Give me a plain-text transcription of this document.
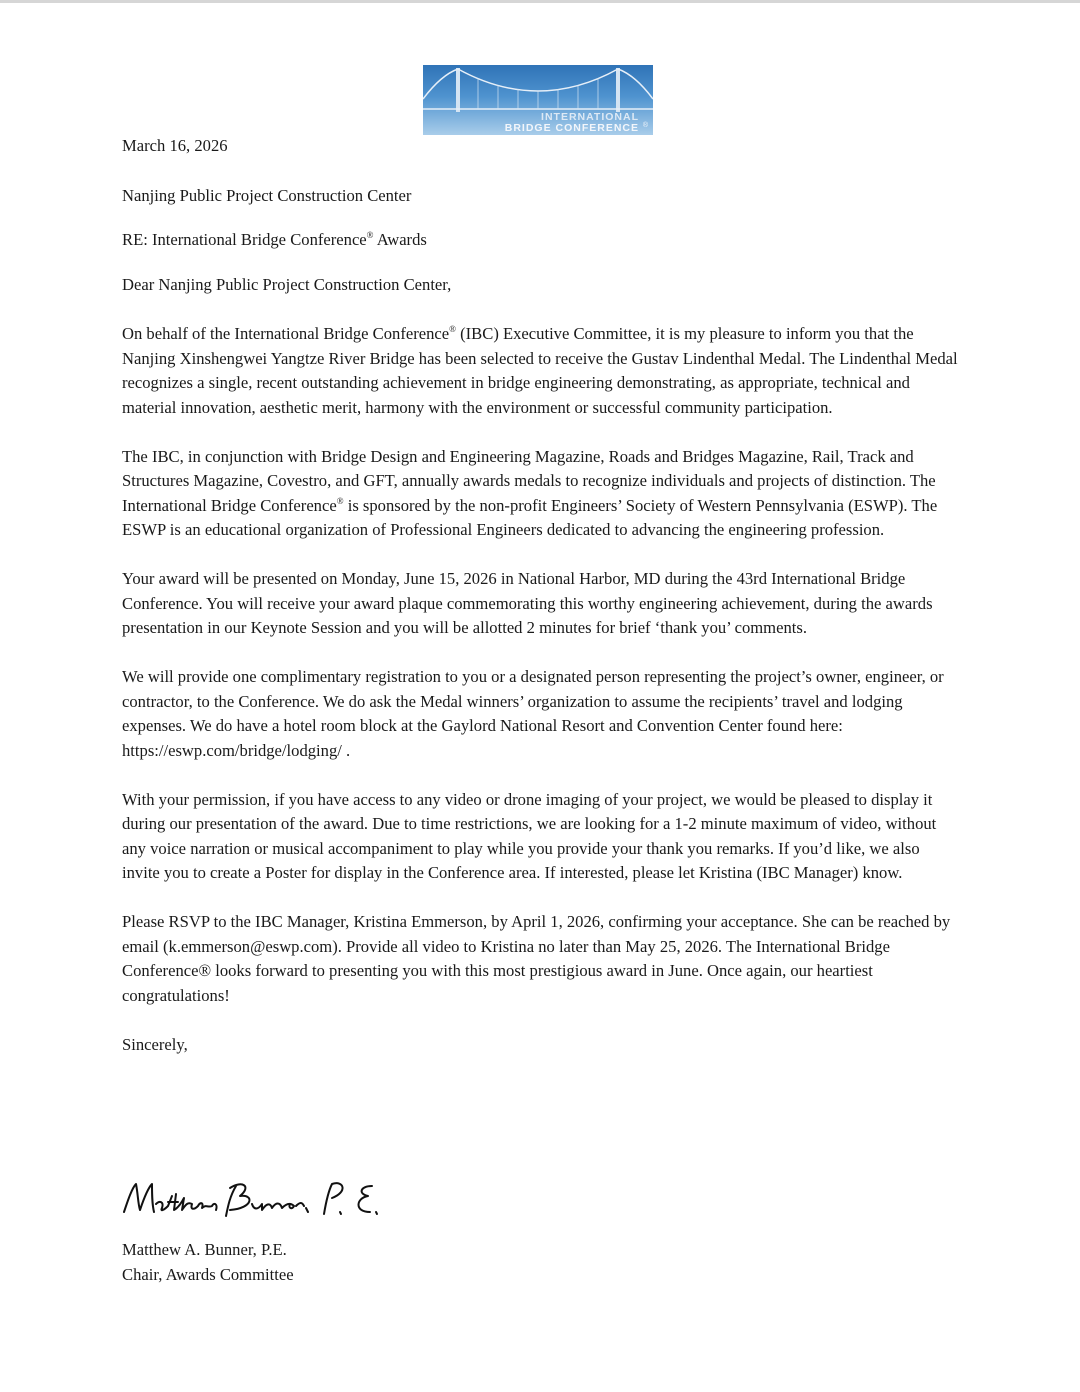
INTERNATIONAL
BRIDGE CONFERENCE ®

March 16, 2026

Nanjing Public Project Construction Center

RE: International Bridge Conference® Awards

Dear Nanjing Public Project Construction Center,

On behalf of the International Bridge Conference® (IBC) Executive Committee, it is my pleasure to inform you that the Nanjing Xinshengwei Yangtze River Bridge has been selected to receive the Gustav Lindenthal Medal. The Lindenthal Medal recognizes a single, recent outstanding achievement in bridge engineering demonstrating, as appropriate, technical and material innovation, aesthetic merit, harmony with the environment or successful community participation.

The IBC, in conjunction with Bridge Design and Engineering Magazine, Roads and Bridges Magazine, Rail, Track and Structures Magazine, Covestro, and GFT, annually awards medals to recognize individuals and projects of distinction. The International Bridge Conference® is sponsored by the non-profit Engineers’ Society of Western Pennsylvania (ESWP). The ESWP is an educational organization of Professional Engineers dedicated to advancing the engineering profession.

Your award will be presented on Monday, June 15, 2026 in National Harbor, MD during the 43rd International Bridge Conference. You will receive your award plaque commemorating this worthy engineering achievement, during the awards presentation in our Keynote Session and you will be allotted 2 minutes for brief ‘thank you’ comments.

We will provide one complimentary registration to you or a designated person representing the project’s owner, engineer, or contractor, to the Conference. We do ask the Medal winners’ organization to assume the recipients’ travel and lodging expenses. We do have a hotel room block at the Gaylord National Resort and Convention Center found here: https://eswp.com/bridge/lodging/ .

With your permission, if you have access to any video or drone imaging of your project, we would be pleased to display it during our presentation of the award. Due to time restrictions, we are looking for a 1-2 minute maximum of video, without any voice narration or musical accompaniment to play while you provide your thank you remarks. If you’d like, we also invite you to create a Poster for display in the Conference area. If interested, please let Kristina (IBC Manager) know.

Please RSVP to the IBC Manager, Kristina Emmerson, by April 1, 2026, confirming your acceptance. She can be reached by email (k.emmerson@eswp.com). Provide all video to Kristina no later than May 25, 2026. The International Bridge Conference® looks forward to presenting you with this most prestigious award in June. Once again, our heartiest congratulations!

Sincerely,

Matthew A. Bunner, P.E.

Chair, Awards Committee
